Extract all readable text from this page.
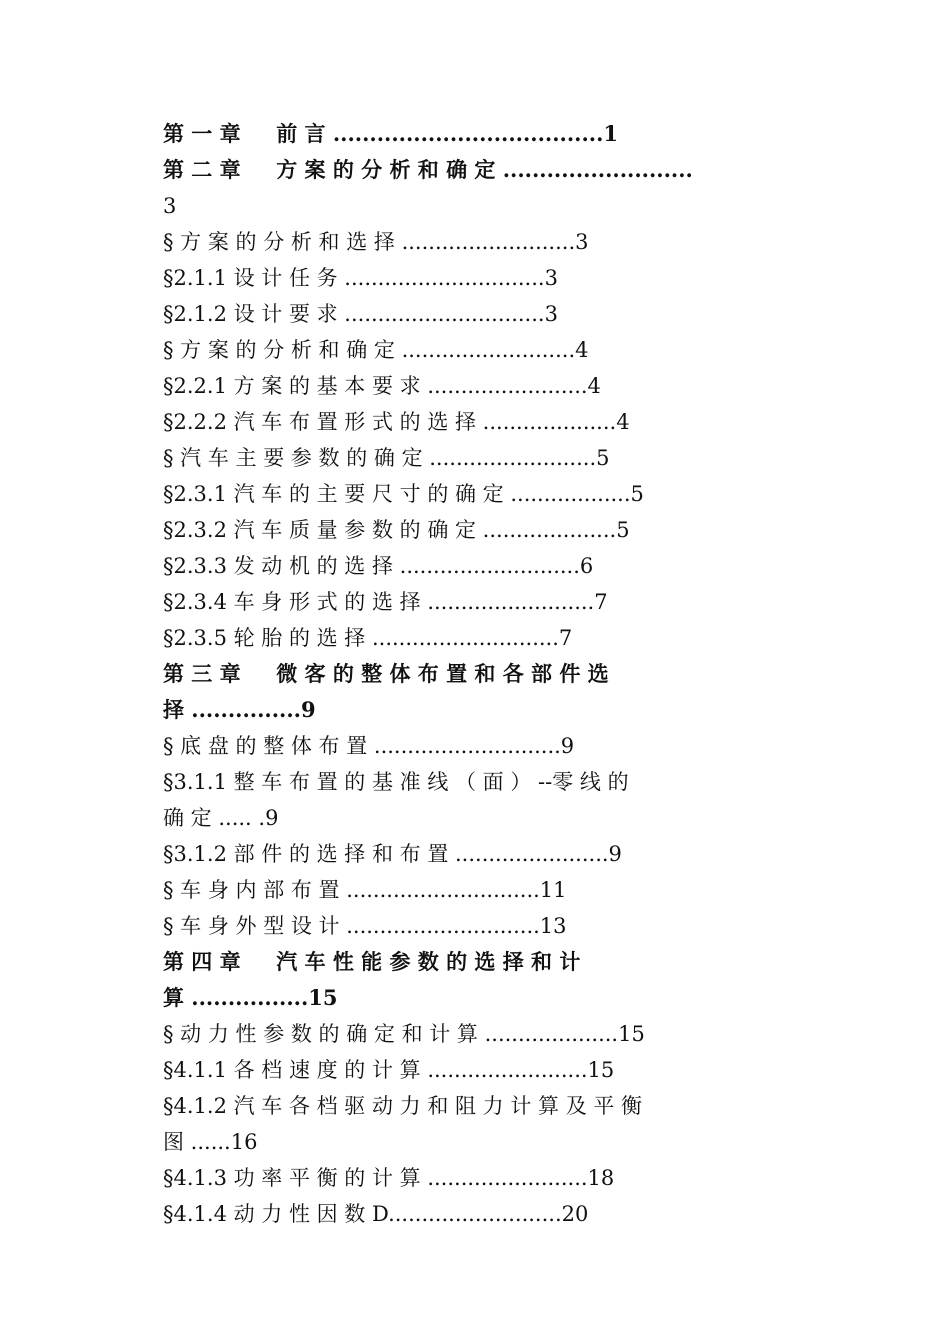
第 一 章 　 前 言 .....................................1
第 二 章 　 方 案 的 分 析 和 确 定 ..........................
3
§ 方 案 的 分 析 和 选 择 ..........................3
§2.1.1 设 计 任 务 ..............................3
§2.1.2 设 计 要 求 ..............................3
§ 方 案 的 分 析 和 确 定 ..........................4
§2.2.1 方 案 的 基 本 要 求 ........................4
§2.2.2 汽 车 布 置 形 式 的 选 择 ....................4
§ 汽 车 主 要 参 数 的 确 定 .........................5
§2.3.1 汽 车 的 主 要 尺 寸 的 确 定 ..................5
§2.3.2 汽 车 质 量 参 数 的 确 定 ....................5
§2.3.3 发 动 机 的 选 择 ...........................6
§2.3.4 车 身 形 式 的 选 择 .........................7
§2.3.5 轮 胎 的 选 择 ............................7
第 三 章 　 微 客 的 整 体 布 置 和 各 部 件 选
择 ...............9
§ 底 盘 的 整 体 布 置 ............................9
§3.1.1 整 车 布 置 的 基 准 线 （ 面 ） --零 线 的
确 定 ..... .9
§3.1.2 部 件 的 选 择 和 布 置 .......................9
§ 车 身 内 部 布 置 .............................11
§ 车 身 外 型 设 计 .............................13
第 四 章 　 汽 车 性 能 参 数 的 选 择 和 计
算 ................15
§ 动 力 性 参 数 的 确 定 和 计 算 ....................15
§4.1.1 各 档 速 度 的 计 算 ........................15
§4.1.2 汽 车 各 档 驱 动 力 和 阻 力 计 算 及 平 衡
图 ......16
§4.1.3 功 率 平 衡 的 计 算 ........................18
§4.1.4 动 力 性 因 数 D..........................20
